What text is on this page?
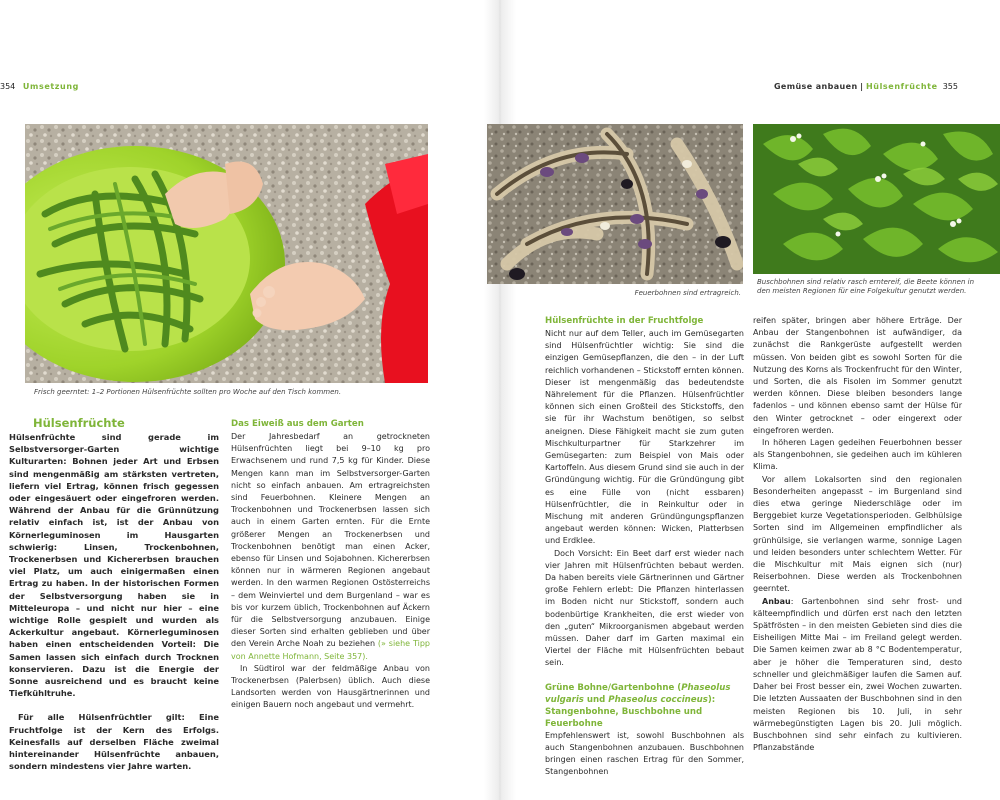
354 Umsetzung	Gemüse anbauen | Hülsenfrüchte 355
Frisch geerntet: 1–2 Portionen Hülsenfrüchte sollten pro Woche auf den Tisch kommen.
Feuerbohnen sind ertragreich.
Buschbohnen sind relativ rasch erntereif, die Beete können in
den meisten Regionen für eine Folgekultur genutzt werden.
Hülsenfrüchte

Hülsenfrüchte sind gerade im Selbstversorger-Garten wichtige Kulturarten: Bohnen jeder Art und Erbsen sind mengenmäßig am stärksten vertreten, liefern viel Ertrag, können frisch gegessen oder eingesäuert oder eingefroren werden. Während der Anbau für die Grünnützung relativ einfach ist, ist der Anbau von Körnerleguminosen im Hausgarten schwierig: Linsen, Trockenbohnen, Trockenerbsen und Kichererbsen brauchen viel Platz, um auch einigermaßen einen Ertrag zu haben. In der historischen Formen der Selbstversorgung haben sie in Mitteleuropa – und nicht nur hier – eine wichtige Rolle gespielt und wurden als Ackerkultur angebaut. Körnerleguminosen haben einen entscheidenden Vorteil: Die Samen lassen sich einfach durch Trocknen konservieren. Dazu ist die Energie der Sonne ausreichend und es braucht keine Tiefkühltruhe.

Für alle Hülsenfrüchtler gilt: Eine Fruchtfolge ist der Kern des Erfolgs. Keinesfalls auf derselben Fläche zweimal hintereinander Hülsenfrüchte anbauen, sondern mindestens vier Jahre warten.

Das Eiweiß aus dem Garten

Der Jahresbedarf an getrockneten Hülsenfrüchten liegt bei 9–10 kg pro Erwachsenem und rund 7,5 kg für Kinder. Diese Mengen kann man im Selbstversorger-Garten nicht so einfach anbauen. Am ertragreichsten sind Feuerbohnen. Kleinere Mengen an Trockenbohnen und Trockenerbsen lassen sich auch in einem Garten ernten. Für die Ernte größerer Mengen an Trockenerbsen und Trockenbohnen benötigt man einen Acker, ebenso für Linsen und Sojabohnen. Kichererbsen können nur in wärmeren Regionen angebaut werden. In den warmen Regionen Ostösterreichs – dem Weinviertel und dem Burgenland – war es bis vor kurzem üblich, Trockenbohnen auf Äckern für die Selbstversorgung anzubauen. Einige dieser Sorten sind erhalten geblieben und über den Verein Arche Noah zu beziehen (» siehe Tipp von Annette Hofmann, Seite 357).

In Südtirol war der feldmäßige Anbau von Trockenerbsen (Palerbsen) üblich. Auch diese Landsorten werden von Hausgärtnerinnen und einigen Bauern noch angebaut und vermehrt.

Hülsenfrüchte in der Fruchtfolge

Nicht nur auf dem Teller, auch im Gemüsegarten sind Hülsenfrüchtler wichtig: Sie sind die einzigen Gemüsepflanzen, die den – in der Luft reichlich vorhandenen – Stickstoff ernten können. Dieser ist mengenmäßig das bedeutendste Nährelement für die Pflanzen. Hülsenfrüchtler können sich einen Großteil des Stickstoffs, den sie für ihr Wachstum benötigen, so selbst aneignen. Diese Fähigkeit macht sie zum guten Mischkulturpartner für Starkzehrer im Gemüsegarten: zum Beispiel von Mais oder Kartoffeln. Aus diesem Grund sind sie auch in der Gründüngung wichtig. Für die Gründüngung gibt es eine Fülle von (nicht essbaren) Hülsenfrüchtler, die in Reinkultur oder in Mischung mit anderen Gründüngungspflanzen angebaut werden können: Wicken, Platterbsen und Erdklee.

Doch Vorsicht: Ein Beet darf erst wieder nach vier Jahren mit Hülsenfrüchten bebaut werden. Da haben bereits viele Gärtnerinnen und Gärtner große Fehlern erlebt: Die Pflanzen hinterlassen im Boden nicht nur Stickstoff, sondern auch bodenbürtige Krankheiten, die erst wieder von den „guten“ Mikroorganismen abgebaut werden müssen. Daher darf im Garten maximal ein Viertel der Fläche mit Hülsenfrüchten bebaut sein.

Grüne Bohne/Gartenbohne (Phaseolus
vulgaris und Phaseolus coccineus):
Stangenbohne, Buschbohne und Feuerbohne

Empfehlenswert ist, sowohl Buschbohnen als auch Stangenbohnen anzubauen. Buschbohnen bringen einen raschen Ertrag für den Sommer, Stangenbohnen

reifen später, bringen aber höhere Erträge. Der Anbau der Stangenbohnen ist aufwändiger, da zunächst die Rankgerüste aufgestellt werden müssen. Von beiden gibt es sowohl Sorten für die Nutzung des Korns als Trockenfrucht für den Winter, und Sorten, die als Fisolen im Sommer genutzt werden können. Diese bleiben besonders lange fadenlos – und können ebenso samt der Hülse für den Winter getrocknet – oder eingerext oder eingefroren werden.

In höheren Lagen gedeihen Feuerbohnen besser als Stangenbohnen, sie gedeihen auch im kühleren Klima.

Vor allem Lokalsorten sind den regionalen Besonderheiten angepasst – im Burgenland sind dies etwa geringe Niederschläge oder im Berggebiet kurze Vegetationsperioden. Gelbhülsige Sorten sind im Allgemeinen empfindlicher als grünhülsige, sie verlangen warme, sonnige Lagen und leiden besonders unter schlechtem Wetter. Für die Mischkultur mit Mais eignen sich (nur) Reiserbohnen. Diese werden als Trockenbohnen geerntet.

Anbau: Gartenbohnen sind sehr frost- und kälteempfindlich und dürfen erst nach den letzten Spätfrösten – in den meisten Gebieten sind dies die Eisheiligen Mitte Mai – im Freiland gelegt werden. Die Samen keimen zwar ab 8 °C Bodentemperatur, aber je höher die Temperaturen sind, desto schneller und gleichmäßiger laufen die Samen auf. Daher bei Frost besser ein, zwei Wochen zuwarten. Die letzten Aussaaten der Buschbohnen sind in den meisten Regionen bis 10. Juli, in sehr wärmebegünstigten Lagen bis 20. Juli möglich. Buschbohnen sind sehr einfach zu kultivieren. Pflanzabstände
